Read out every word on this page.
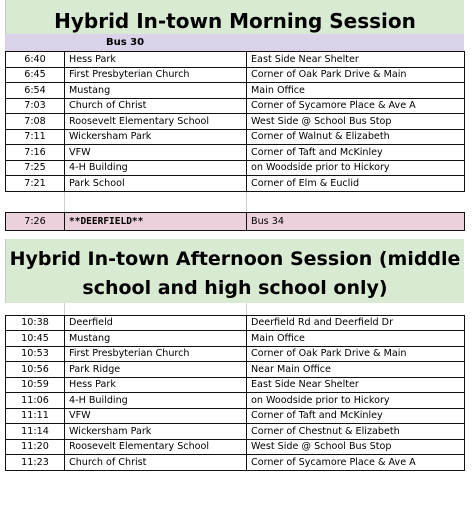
Hybrid In-town Morning Session
Bus 30
6:40	Hess Park	East Side Near Shelter
6:45	First Presbyterian Church	Corner of Oak Park Drive & Main
6:54	Mustang	Main Office
7:03	Church of Christ	Corner of Sycamore Place & Ave A
7:08	Roosevelt Elementary School	West Side @ School Bus Stop
7:11	Wickersham Park	Corner of Walnut & Elizabeth
7:16	VFW	Corner of Taft and McKinley
7:25	4-H Building	on Woodside prior to Hickory
7:21	Park School	Corner of Elm & Euclid
7:26	**DEERFIELD**	Bus 34
Hybrid In-town Afternoon Session (middle
school and high school only)
10:38	Deerfield	Deerfield Rd and Deerfield Dr
10:45	Mustang	Main Office
10:53	First Presbyterian Church	Corner of Oak Park Drive & Main
10:56	Park Ridge	Near Main Office
10:59	Hess Park	East Side Near Shelter
11:06	4-H Building	on Woodside prior to Hickory
11:11	VFW	Corner of Taft and McKinley
11:14	Wickersham Park	Corner of Chestnut & Elizabeth
11:20	Roosevelt Elementary School	West Side @ School Bus Stop
11:23	Church of Christ	Corner of Sycamore Place & Ave A
